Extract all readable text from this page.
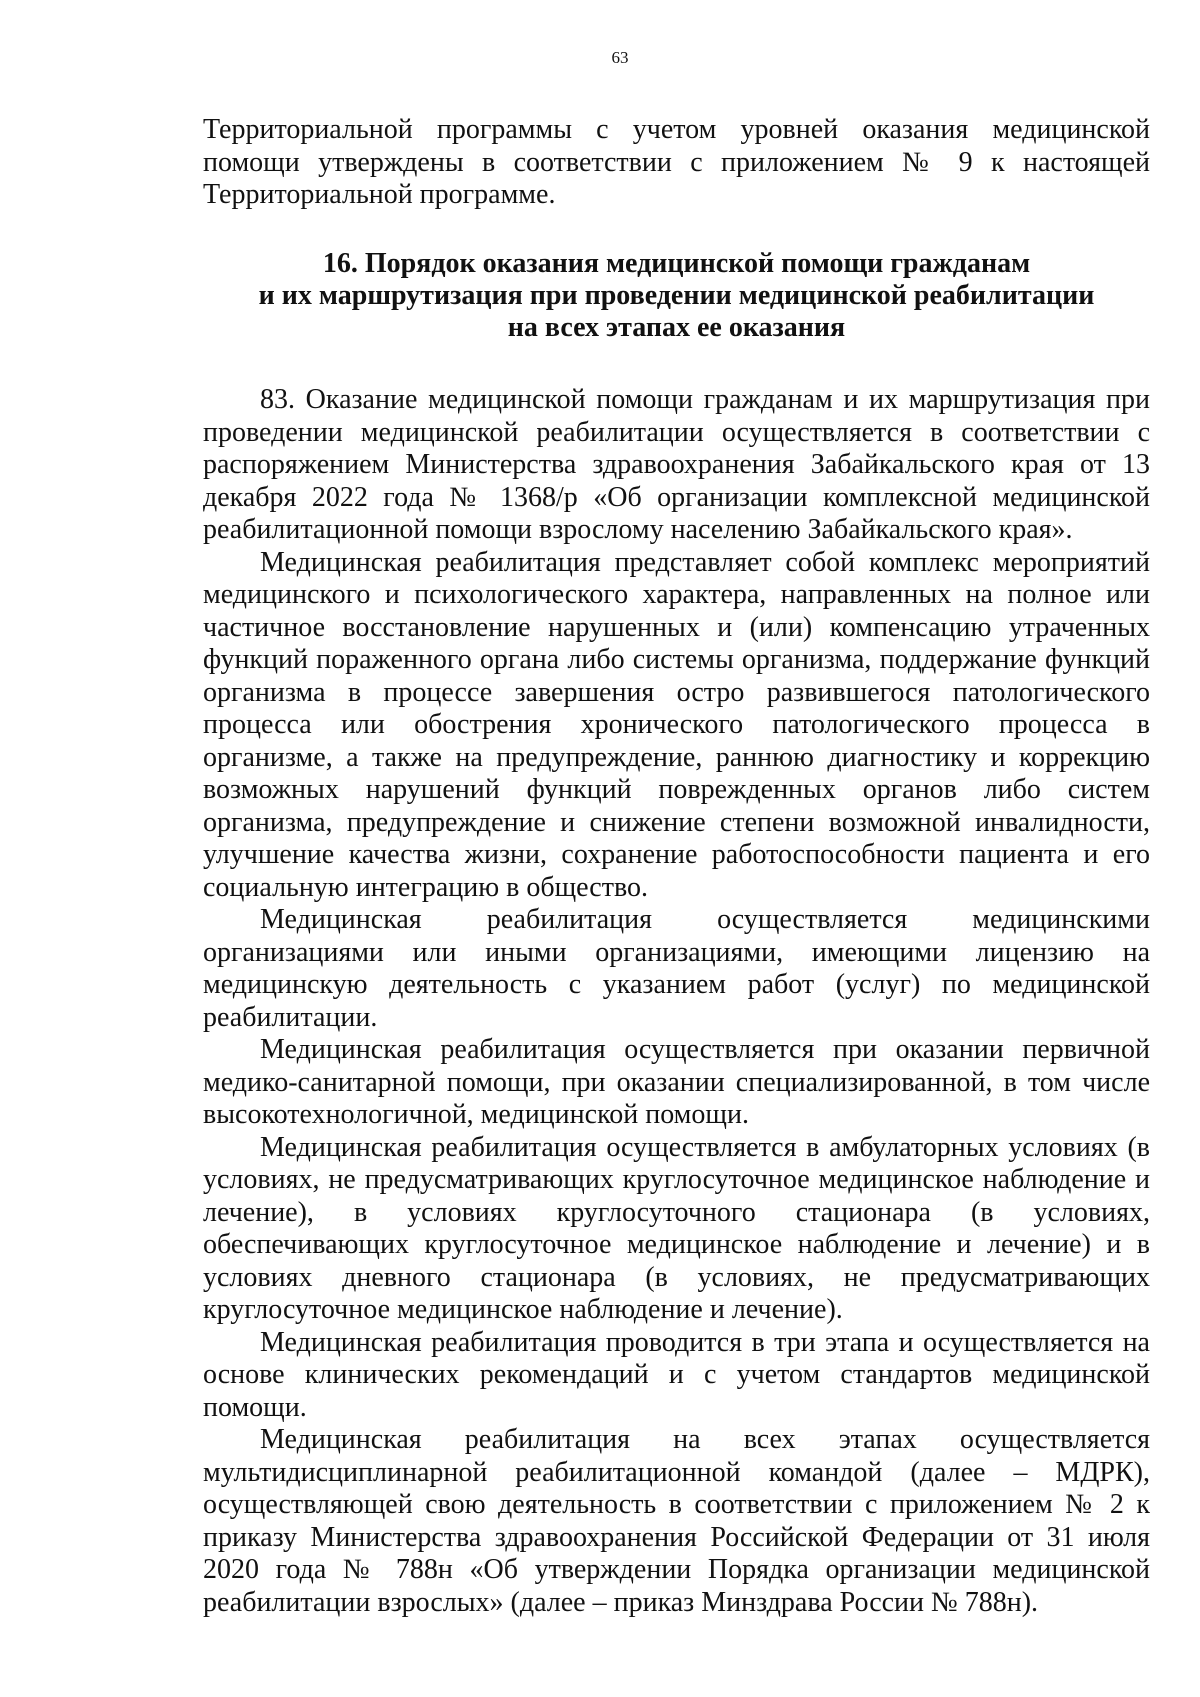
63
Территориальной программы с учетом уровней оказания медицинской помощи утверждены в соответствии с приложением № 9 к настоящей Территориальной программе.
16. Порядок оказания медицинской помощи гражданам
и их маршрутизация при проведении медицинской реабилитации
на всех этапах ее оказания

83. Оказание медицинской помощи гражданам и их маршрутизация при проведении медицинской реабилитации осуществляется в соответствии с распоряжением Министерства здравоохранения Забайкальского края от 13 декабря 2022 года № 1368/р «Об организации комплексной медицинской реабилитационной помощи взрослому населению Забайкальского края».

Медицинская реабилитация представляет собой комплекс мероприятий медицинского и психологического характера, направленных на полное или частичное восстановление нарушенных и (или) компенсацию утраченных функций пораженного органа либо системы организма, поддержание функций организма в процессе завершения остро развившегося патологического процесса или обострения хронического патологического процесса в организме, а также на предупреждение, раннюю диагностику и коррекцию возможных нарушений функций поврежденных органов либо систем организма, предупреждение и снижение степени возможной инвалидности, улучшение качества жизни, сохранение работоспособности пациента и его социальную интеграцию в общество.

Медицинская реабилитация осуществляется медицинскими организациями или иными организациями, имеющими лицензию на медицинскую деятельность с указанием работ (услуг) по медицинской реабилитации.

Медицинская реабилитация осуществляется при оказании первичной медико-санитарной помощи, при оказании специализированной, в том числе высокотехнологичной, медицинской помощи.

Медицинская реабилитация осуществляется в амбулаторных условиях (в условиях, не предусматривающих круглосуточное медицинское наблюдение и лечение), в условиях круглосуточного стационара (в условиях, обеспечивающих круглосуточное медицинское наблюдение и лечение) и в условиях дневного стационара (в условиях, не предусматривающих круглосуточное медицинское наблюдение и лечение).

Медицинская реабилитация проводится в три этапа и осуществляется на основе клинических рекомендаций и с учетом стандартов медицинской помощи.

Медицинская реабилитация на всех этапах осуществляется мультидисциплинарной реабилитационной командой (далее – МДРК), осуществляющей свою деятельность в соответствии с приложением № 2 к приказу Министерства здравоохранения Российской Федерации от 31 июля 2020 года № 788н «Об утверждении Порядка организации медицинской реабилитации взрослых» (далее – приказ Минздрава России № 788н).
